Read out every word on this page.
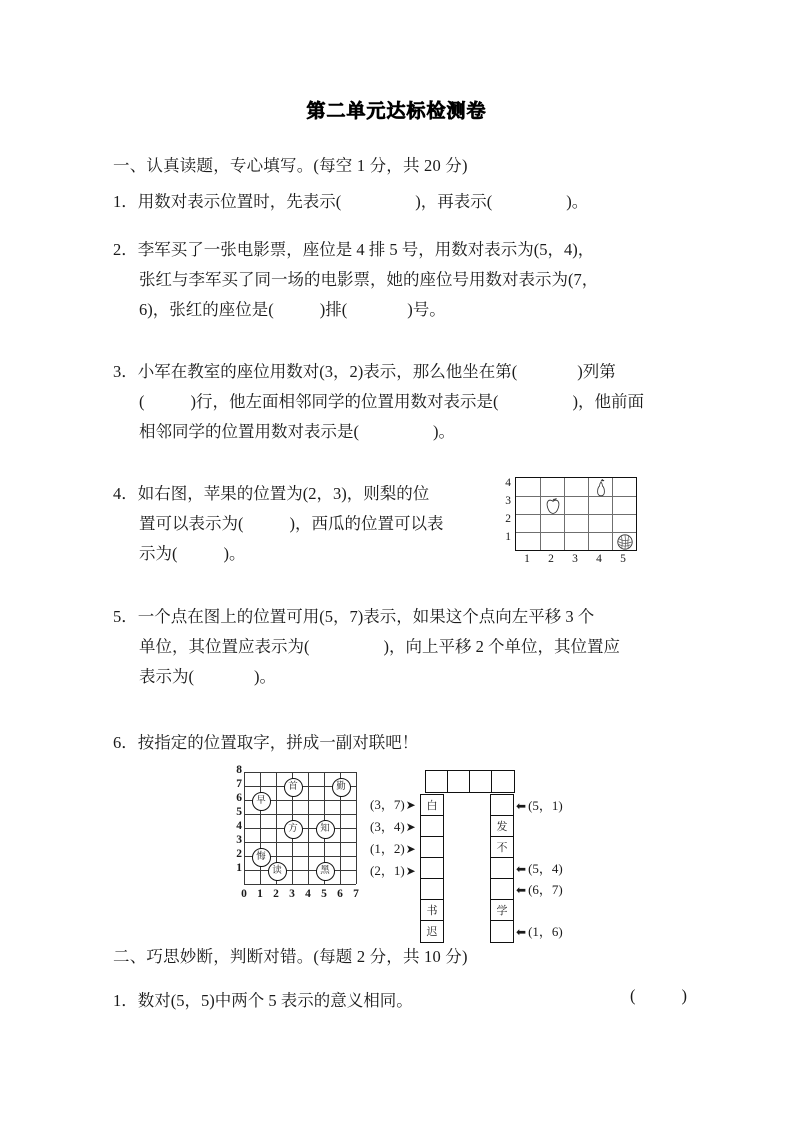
第二单元达标检测卷
一、认真读题，专心填写。(每空 1 分，共 20 分)
1．用数对表示位置时，先表示(	)，再表示(	)。
2．李军买了一张电影票，座位是 4 排 5 号，用数对表示为(5，4)，
张红与李军买了同一场的电影票，她的座位号用数对表示为(7，
6)，张红的座位是(	)排(	)号。
3．小军在教室的座位用数对(3，2)表示，那么他坐在第(	)列第
(	)行，他左面相邻同学的位置用数对表示是(	)，他前面
相邻同学的位置用数对表示是(	)。
4．如右图，苹果的位置为(2，3)，则梨的位
置可以表示为(	)，西瓜的位置可以表
示为(	)。
4
3
2
1
1	2	3	4	5
5．一个点在图上的位置可用(5，7)表示，如果这个点向左平移 3 个
单位，其位置应表示为(	)，向上平移 2 个单位，其位置应
表示为(	)。
6．按指定的位置取字，拼成一副对联吧！
首	勤
早
方	知
悔
读	黑
8
7
6
5
4
3
2
1
0 1 2 3 4 5 6 7
(3，7)➤
(3，4)➤
(1，2)➤
(2，1)➤
白
书
迟
发
不
学
⬅ (5，1)
⬅ (5，4)
⬅ (6，7)
⬅ (1，6)
二、巧思妙断，判断对错。(每题 2 分，共 10 分)
1．数对(5，5)中两个 5 表示的意义相同。	(	)
